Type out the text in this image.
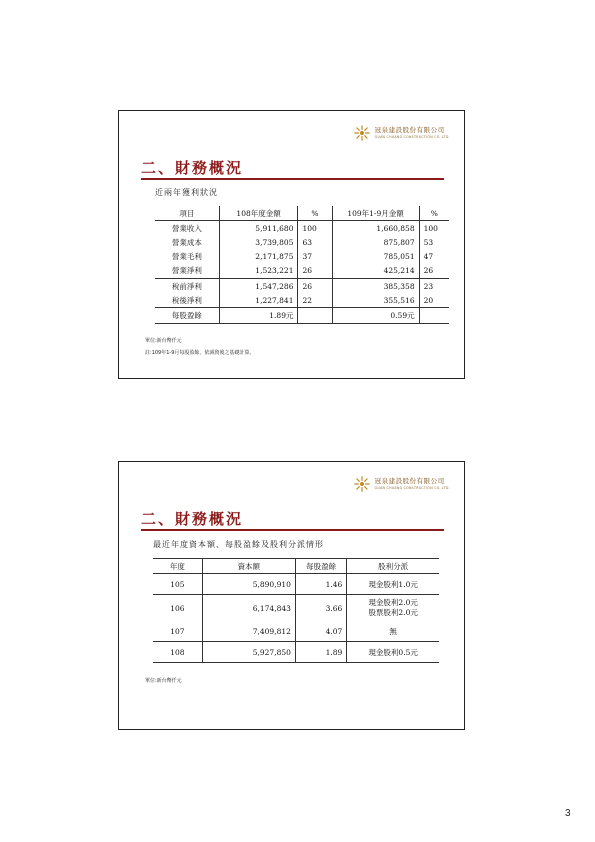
冠泉建設股份有限公司
GUAN CHUANG CONSTRUCTION CO.,LTD.
二、財務概況
近兩年獲利狀況
項目	108年度金額	%	109年1-9月金額	%
營業收入	5,911,680	100	1,660,858	100
營業成本	3,739,805	63	875,807	53
營業毛利	2,171,875	37	785,051	47
營業淨利	1,523,221	26	425,214	26
稅前淨利	1,547,286	26	385,358	23
稅後淨利	1,227,841	22	355,516	20
每股盈餘	1.89元		0.59元	
單位:新台幣仟元
註:109年1-9月每股盈餘，依減資後之基礎計算。
冠泉建設股份有限公司
GUAN CHUANG CONSTRUCTION CO.,LTD.
二、財務概況
最近年度資本額、每股盈餘及股利分派情形
年度	資本額	每股盈餘	股利分派
105	5,890,910	1.46	現金股利1.0元
106	6,174,843	3.66	現金股利2.0元
股票股利2.0元

107	7,409,812	4.07	無
108	5,927,850	1.89	現金股利0.5元
單位:新台幣仟元
3
